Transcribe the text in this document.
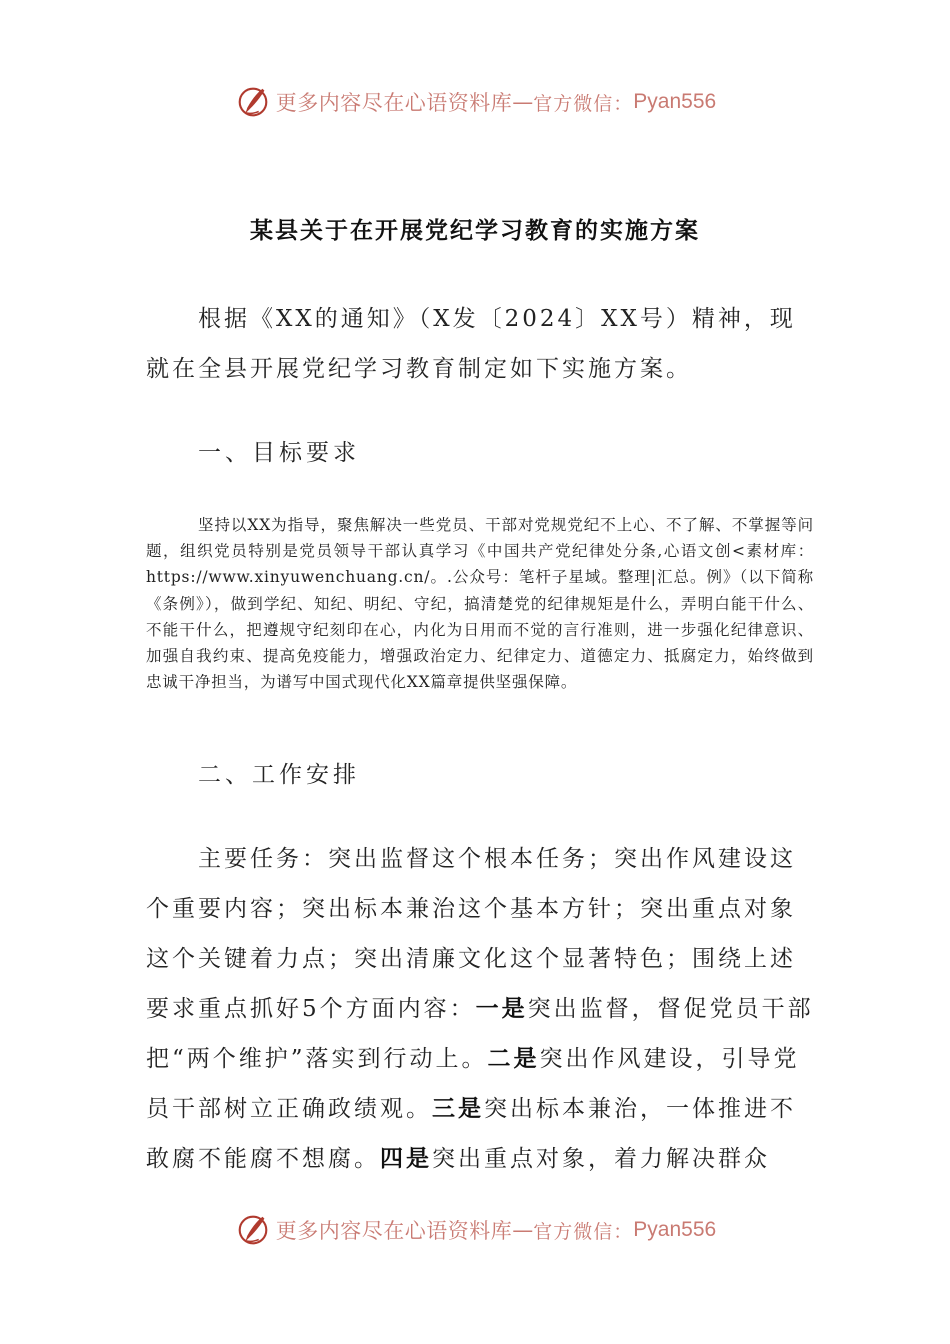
更多内容尽在心语资料库 — 官方微信： Pyan556
某县关于在开展党纪学习教育的实施方案
根据《XX的通知》（X发〔2024〕XX号）精神，现就在全县开展党纪学习教育制定如下实施方案。
一、目标要求
坚持以XX为指导，聚焦解决一些党员、干部对党规党纪不上心、不了解、不掌握等问题，组织党员特别是党员领导干部认真学习《中国共产党纪律处分条,心语文创<素材库：https://www.xinyuwenchuang.cn/。.公众号：笔杆子星域。整理|汇总。例》（以下简称《条例》），做到学纪、知纪、明纪、守纪，搞清楚党的纪律规矩是什么，弄明白能干什么、不能干什么，把遵规守纪刻印在心，内化为日用而不觉的言行准则，进一步强化纪律意识、加强自我约束、提高免疫能力，增强政治定力、纪律定力、道德定力、抵腐定力，始终做到忠诚干净担当，为谱写中国式现代化XX篇章提供坚强保障。
二、工作安排
主要任务：突出监督这个根本任务；突出作风建设这个重要内容；突出标本兼治这个基本方针；突出重点对象这个关键着力点；突出清廉文化这个显著特色；围绕上述要求重点抓好5个方面内容：一是突出监督，督促党员干部把“两个维护”落实到行动上。二是突出作风建设，引导党员干部树立正确政绩观。三是突出标本兼治，一体推进不敢腐不能腐不想腐。四是突出重点对象，着力解决群众
更多内容尽在心语资料库 — 官方微信： Pyan556
